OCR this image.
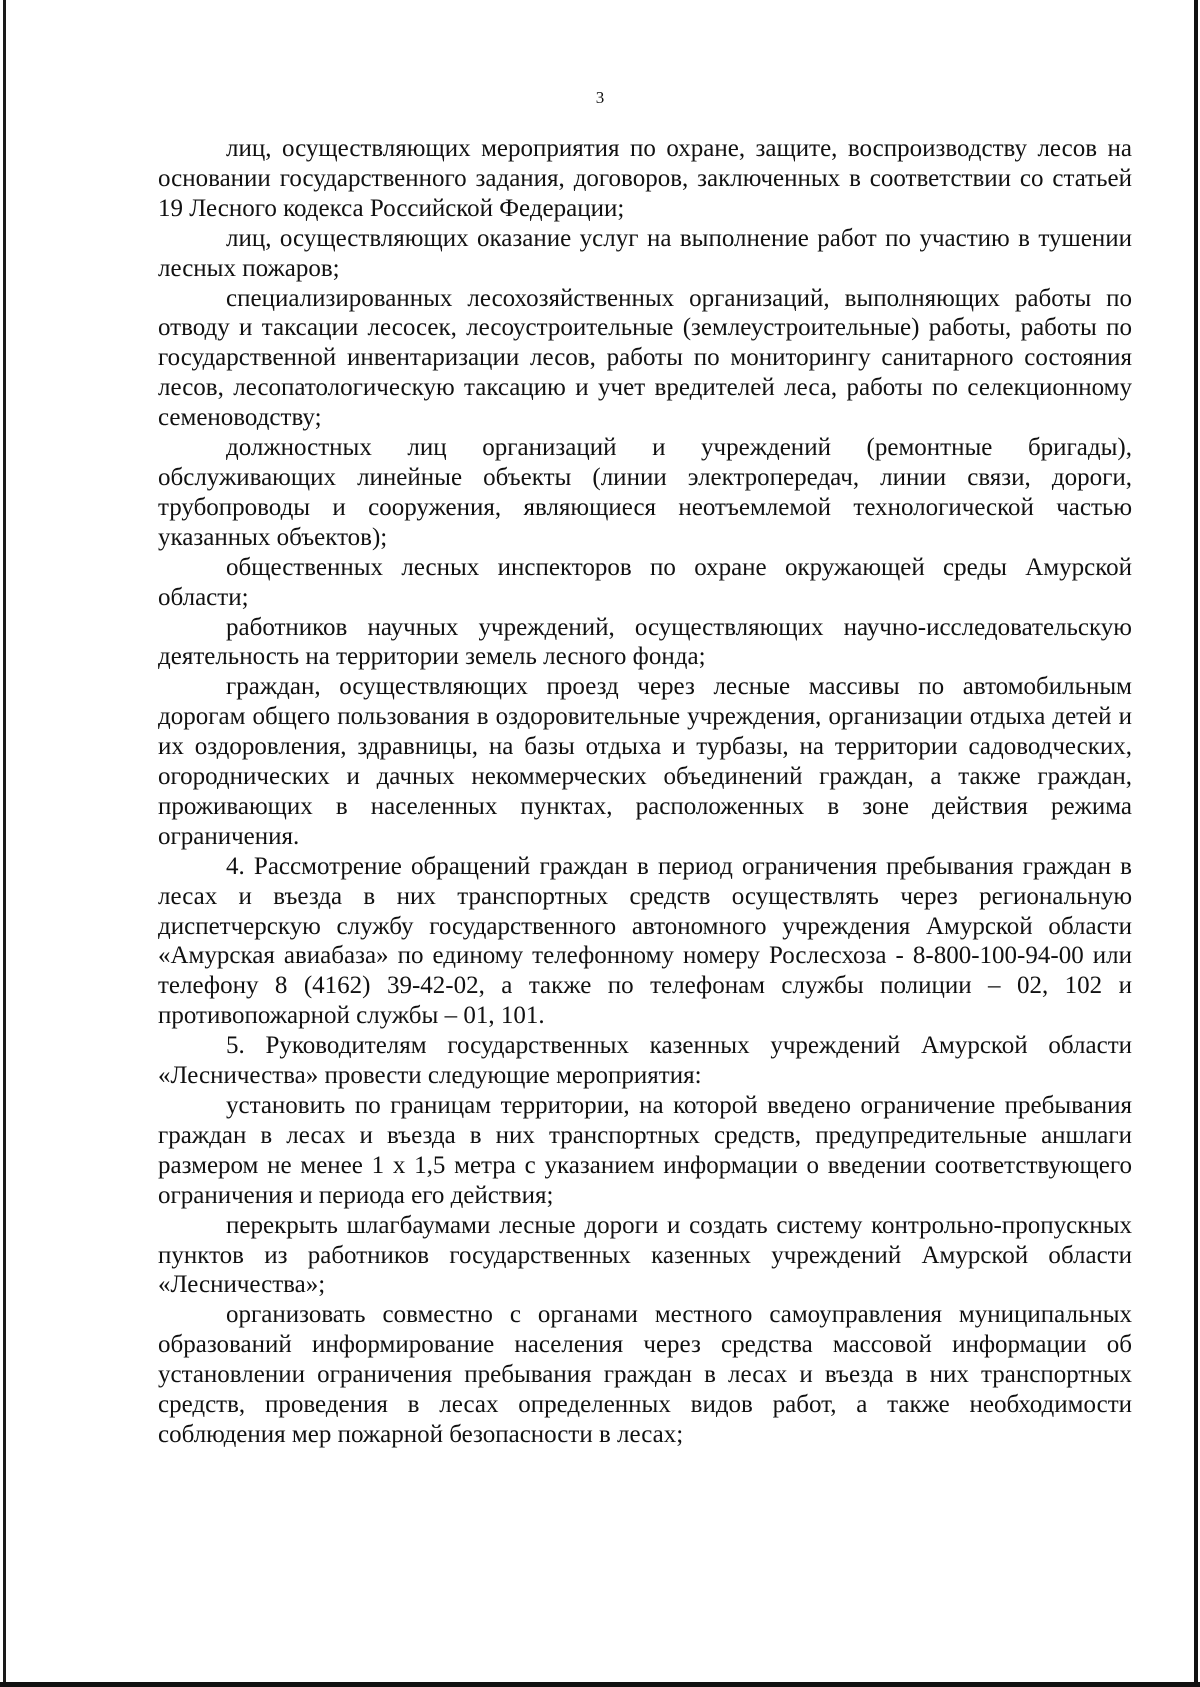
3

лиц, осуществляющих мероприятия по охране, защите, воспроизводству лесов на основании государственного задания, договоров, заключенных в соответствии со статьей 19 Лесного кодекса Российской Федерации;

лиц, осуществляющих оказание услуг на выполнение работ по участию в тушении лесных пожаров;

специализированных лесохозяйственных организаций, выполняющих работы по отводу и таксации лесосек, лесоустроительные (землеустроительные) работы, работы по государственной инвентаризации лесов, работы по мониторингу санитарного состояния лесов, лесопатологическую таксацию и учет вредителей леса, работы по селекционному семеноводству;

должностных лиц организаций и учреждений (ремонтные бригады), обслуживающих линейные объекты (линии электропередач, линии связи, дороги, трубопроводы и сооружения, являющиеся неотъемлемой технологической частью указанных объектов);

общественных лесных инспекторов по охране окружающей среды Амурской области;

работников научных учреждений, осуществляющих научно-исследовательскую деятельность на территории земель лесного фонда;

граждан, осуществляющих проезд через лесные массивы по автомобильным дорогам общего пользования в оздоровительные учреждения, организации отдыха детей и их оздоровления, здравницы, на базы отдыха и турбазы, на территории садоводческих, огороднических и дачных некоммерческих объединений граждан, а также граждан, проживающих в населенных пунктах, расположенных в зоне действия режима ограничения.

4. Рассмотрение обращений граждан в период ограничения пребывания граждан в лесах и въезда в них транспортных средств осуществлять через региональную диспетчерскую службу государственного автономного учреждения Амурской области «Амурская авиабаза» по единому телефонному номеру Рослесхоза - 8-800-100-94-00 или телефону 8 (4162) 39-42-02, а также по телефонам службы полиции – 02, 102 и противопожарной службы – 01, 101.

5. Руководителям государственных казенных учреждений Амурской области «Лесничества» провести следующие мероприятия:

установить по границам территории, на которой введено ограничение пребывания граждан в лесах и въезда в них транспортных средств, предупредительные аншлаги размером не менее 1 х 1,5 метра с указанием информации о введении соответствующего ограничения и периода его действия;

перекрыть шлагбаумами лесные дороги и создать систему контрольно-пропускных пунктов из работников государственных казенных учреждений Амурской области «Лесничества»;

организовать совместно с органами местного самоуправления муниципальных образований информирование населения через средства массовой информации об установлении ограничения пребывания граждан в лесах и въезда в них транспортных средств, проведения в лесах определенных видов работ, а также необходимости соблюдения мер пожарной безопасности в лесах;
